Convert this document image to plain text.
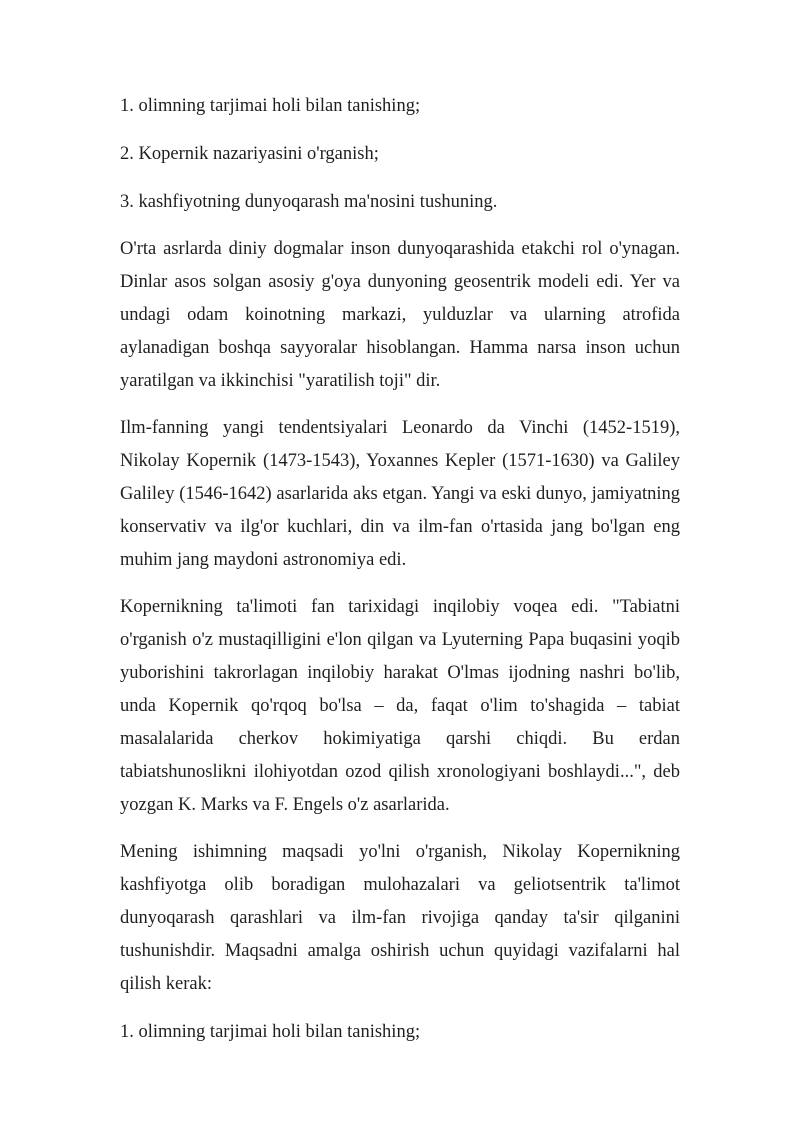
1. olimning tarjimai holi bilan tanishing;

2. Kopernik nazariyasini o'rganish;

3. kashfiyotning dunyoqarash ma'nosini tushuning.

O'rta asrlarda diniy dogmalar inson dunyoqarashida etakchi rol o'ynagan. Dinlar asos solgan asosiy g'oya dunyoning geosentrik modeli edi. Yer va undagi odam koinotning markazi, yulduzlar va ularning atrofida aylanadigan boshqa sayyoralar hisoblangan. Hamma narsa inson uchun yaratilgan va ikkinchisi "yaratilish toji" dir.

Ilm-fanning yangi tendentsiyalari Leonardo da Vinchi (1452-1519), Nikolay Kopernik (1473-1543), Yoxannes Kepler (1571-1630) va Galiley Galiley (1546-1642) asarlarida aks etgan. Yangi va eski dunyo, jamiyatning konservativ va ilg'or kuchlari, din va ilm-fan o'rtasida jang bo'lgan eng muhim jang maydoni astronomiya edi.

Kopernikning ta'limoti fan tarixidagi inqilobiy voqea edi. "Tabiatni o'rganish o'z mustaqilligini e'lon qilgan va Lyuterning Papa buqasini yoqib yuborishini takrorlagan inqilobiy harakat O'lmas ijodning nashri bo'lib, unda Kopernik qo'rqoq bo'lsa – da, faqat o'lim to'shagida – tabiat masalalarida cherkov hokimiyatiga qarshi chiqdi. Bu erdan tabiatshunoslikni ilohiyotdan ozod qilish xronologiyani boshlaydi...", deb yozgan K. Marks va F. Engels o'z asarlarida.

Mening ishimning maqsadi yo'lni o'rganish, Nikolay Kopernikning kashfiyotga olib boradigan mulohazalari va geliotsentrik ta'limot dunyoqarash qarashlari va ilm-fan rivojiga qanday ta'sir qilganini tushunishdir. Maqsadni amalga oshirish uchun quyidagi vazifalarni hal qilish kerak:

1. olimning tarjimai holi bilan tanishing;
